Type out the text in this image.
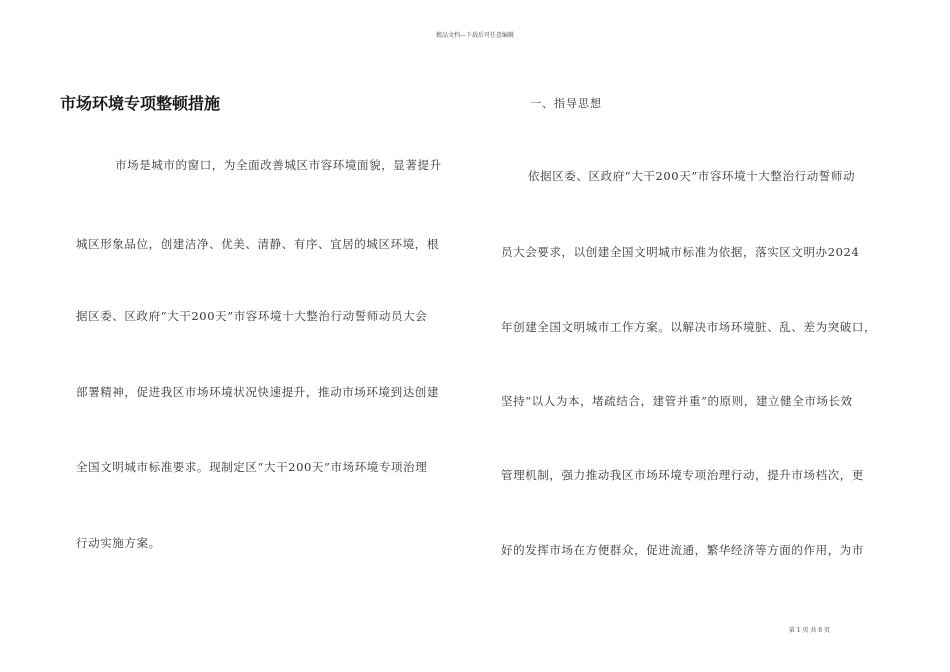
精品文档---下载后可任意编辑
市场环境专项整顿措施
市场是城市的窗口，为全面改善城区市容环境面貌，显著提升
城区形象品位，创建洁净、优美、清静、有序、宜居的城区环境，根
据区委、区政府“大干200天”市容环境十大整治行动誓师动员大会
部署精神，促进我区市场环境状况快速提升，推动市场环境到达创建
全国文明城市标准要求。现制定区“大干200天”市场环境专项治理
行动实施方案。
一、指导思想
依据区委、区政府“大干200天”市容环境十大整治行动誓师动
员大会要求，以创建全国文明城市标准为依据，落实区文明办2024
年创建全国文明城市工作方案。以解决市场环境脏、乱、差为突破口，
坚持“以人为本，堵疏结合，建管并重”的原则，建立健全市场长效
管理机制，强力推动我区市场环境专项治理行动，提升市场档次，更
好的发挥市场在方便群众，促进流通，繁华经济等方面的作用，为市
第 1 页 共 8 页
